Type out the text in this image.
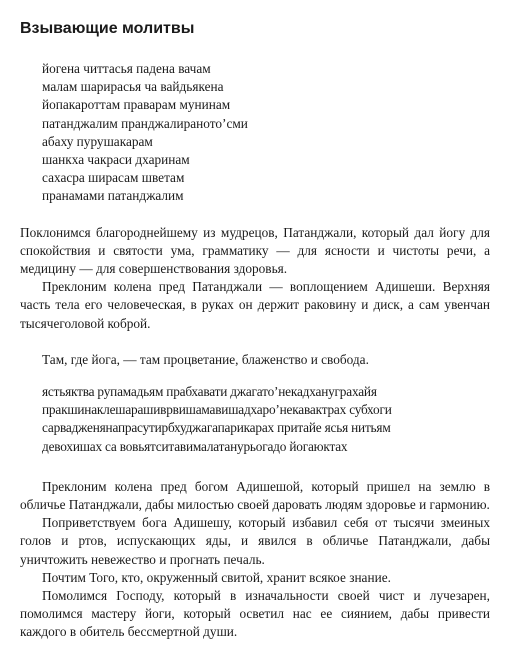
Взывающие молитвы
йогена читтасья падена вачам
малам шарирасья ча вайдьякена
йопакароттам праварам мунинам
патанджалим пранджалираното’сми
абаху пурушакарам
шанкха чакраси дхаринам
сахасра ширасам шветам
пранамами патанджалим

Поклонимся благороднейшему из мудрецов, Патанджали, который дал йогу для спокойствия и святости ума, грамматику — для ясности и чистоты речи, а медицину — для совершенствования здоровья.

Преклоним колена пред Патанджали — воплощением Адишеши. Верхняя часть тела его человеческая, в руках он держит раковину и диск, а сам увенчан тысячеголовой коброй.

Там, где йога, — там процветание, блаженство и свобода.

ястьяктва рупамадьям прабхавати джагато’некадхануграхайя
пракшинаклешарашиврвишамавишадхаро’некавактрах субхоги
сарвадженянапрасутирбхуджагапарикарах притайе ясья нитьям
девохишах са вовьятситавималатанурьогадо йогаюктах

Преклоним колена пред богом Адишешой, который пришел на землю в обличье Патанджали, дабы милостью своей даровать людям здоровье и гармонию.

Поприветствуем бога Адишешу, который избавил себя от тысячи змеиных голов и ртов, испускающих яды, и явился в обличье Патанджали, дабы уничтожить невежество и прогнать печаль.

Почтим Того, кто, окруженный свитой, хранит всякое знание.

Помолимся Господу, который в изначальности своей чист и лучезарен, помолимся мастеру йоги, который осветил нас ее сиянием, дабы привести каждого в обитель бессмертной души.
